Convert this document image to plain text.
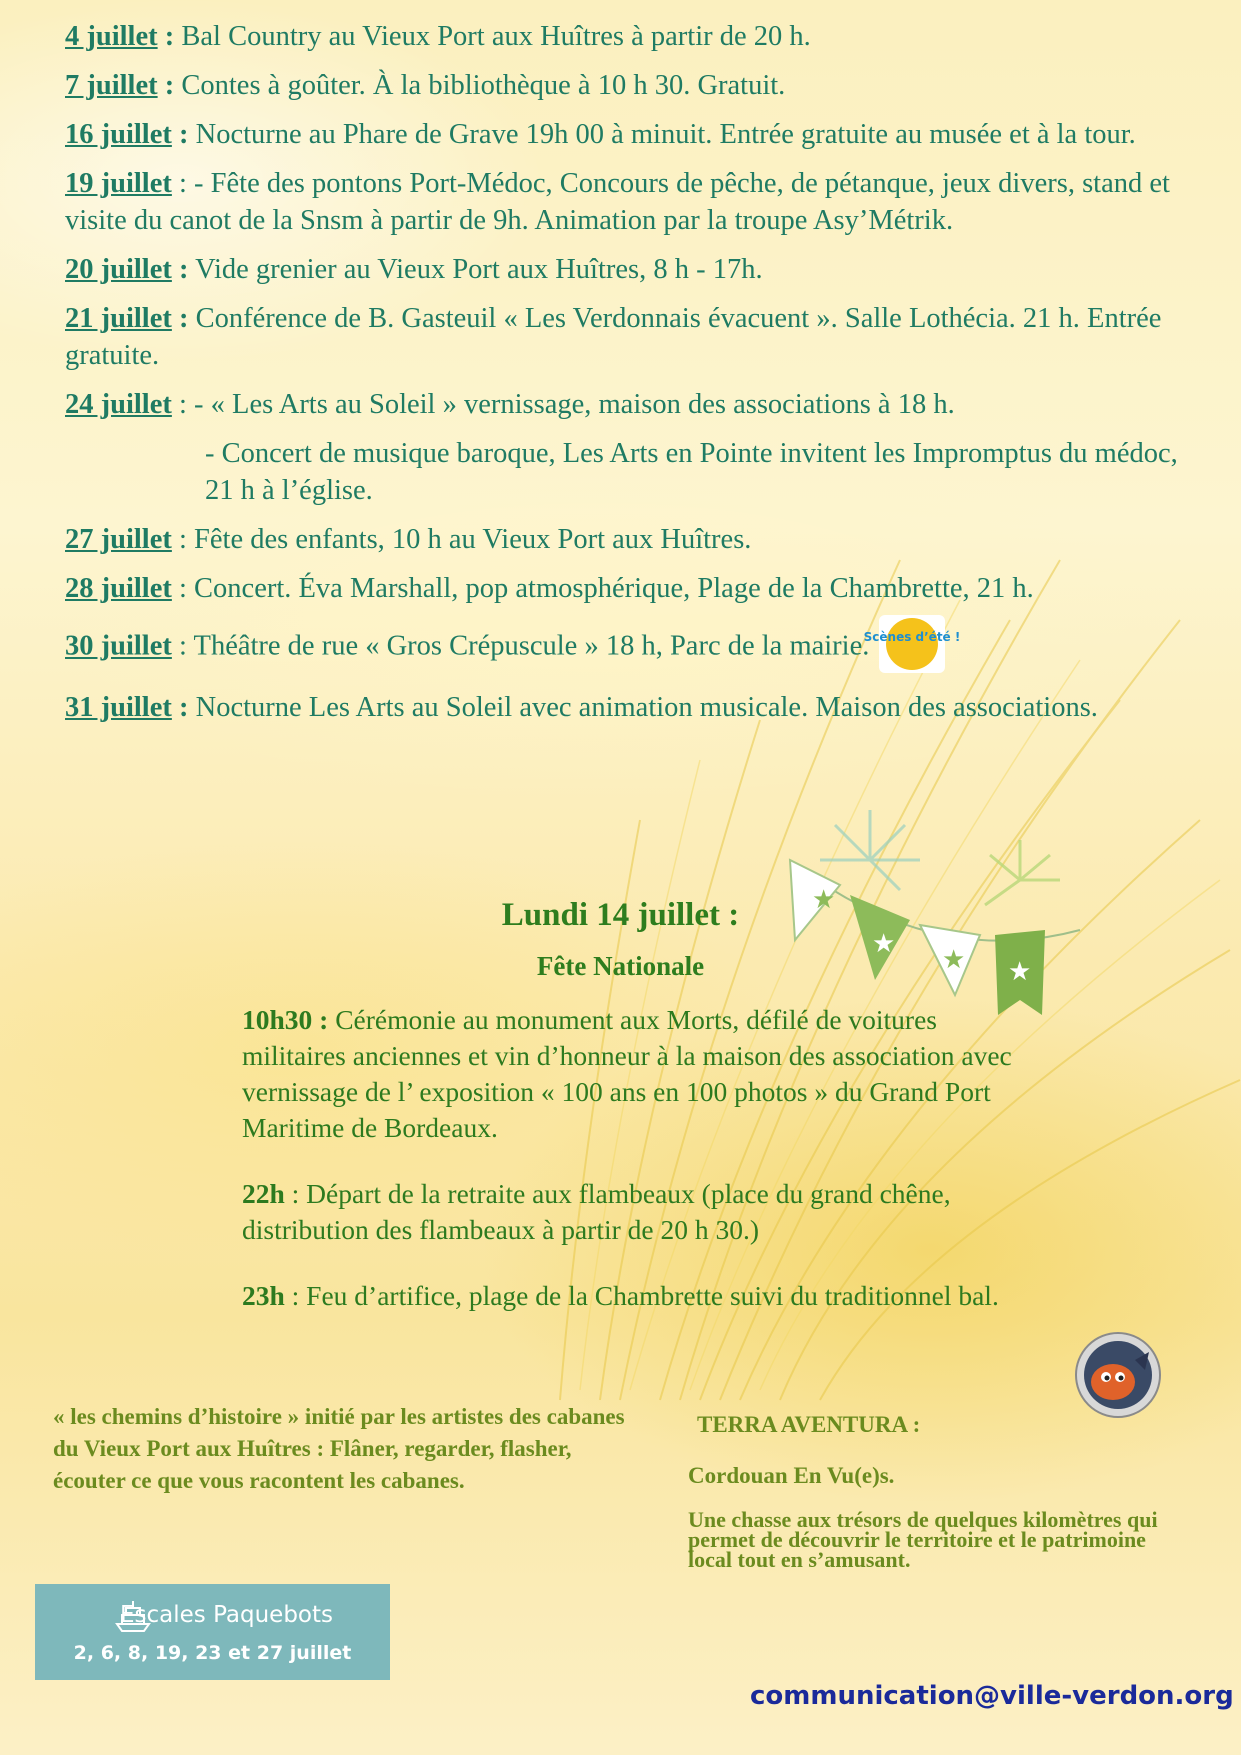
4 juillet : Bal Country au Vieux Port aux Huîtres à partir de 20 h.

7 juillet : Contes à goûter. À la bibliothèque à 10 h 30. Gratuit.

16 juillet : Nocturne au Phare de Grave 19h 00 à minuit. Entrée gratuite au musée et à la tour.

19 juillet : - Fête des pontons Port-Médoc, Concours de pêche, de pétanque, jeux divers, stand et visite du canot de la Snsm à partir de 9h. Animation par la troupe Asy’Métrik.

20 juillet : Vide grenier au Vieux Port aux Huîtres, 8 h - 17h.

21 juillet : Conférence de B. Gasteuil « Les Verdonnais évacuent ». Salle Lothécia. 21 h. Entrée gratuite.

24 juillet : - « Les Arts au Soleil » vernissage, maison des associations à 18 h.

- Concert de musique baroque, Les Arts en Pointe invitent les Impromptus du médoc, 21 h à l’église.

27 juillet : Fête des enfants, 10 h au Vieux Port aux Huîtres.

28 juillet : Concert. Éva Marshall, pop atmosphérique, Plage de la Chambrette, 21 h.

30 juillet : Théâtre de rue « Gros Crépuscule » 18 h, Parc de la mairie.
Scènes d’été !

31 juillet : Nocturne Les Arts au Soleil avec animation musicale. Maison des associations.

★
★
★ ★
Lundi 14 juillet :
Fête Nationale

10h30 : Cérémonie au monument aux Morts, défilé de voitures militaires anciennes et vin d’honneur à la maison des association avec vernissage de l’ exposition « 100 ans en 100 photos » du Grand Port Maritime de Bordeaux.

22h : Départ de la retraite aux flambeaux (place du grand chêne, distribution des flambeaux à partir de 20 h 30.)

23h : Feu d’artifice, plage de la Chambrette suivi du traditionnel bal.

« les chemins d’histoire » initié par les artistes des cabanes du Vieux Port aux Huîtres : Flâner, regarder, flasher, écouter ce que vous racontent les cabanes.
TERRA AVENTURA :
Cordouan En Vu(e)s.
Une chasse aux trésors de quelques kilomètres qui permet de découvrir le territoire et le patrimoine local tout en s’amusant.
Escales Paquebots
2, 6, 8, 19, 23 et 27 juillet
communication@ville-verdon.org
